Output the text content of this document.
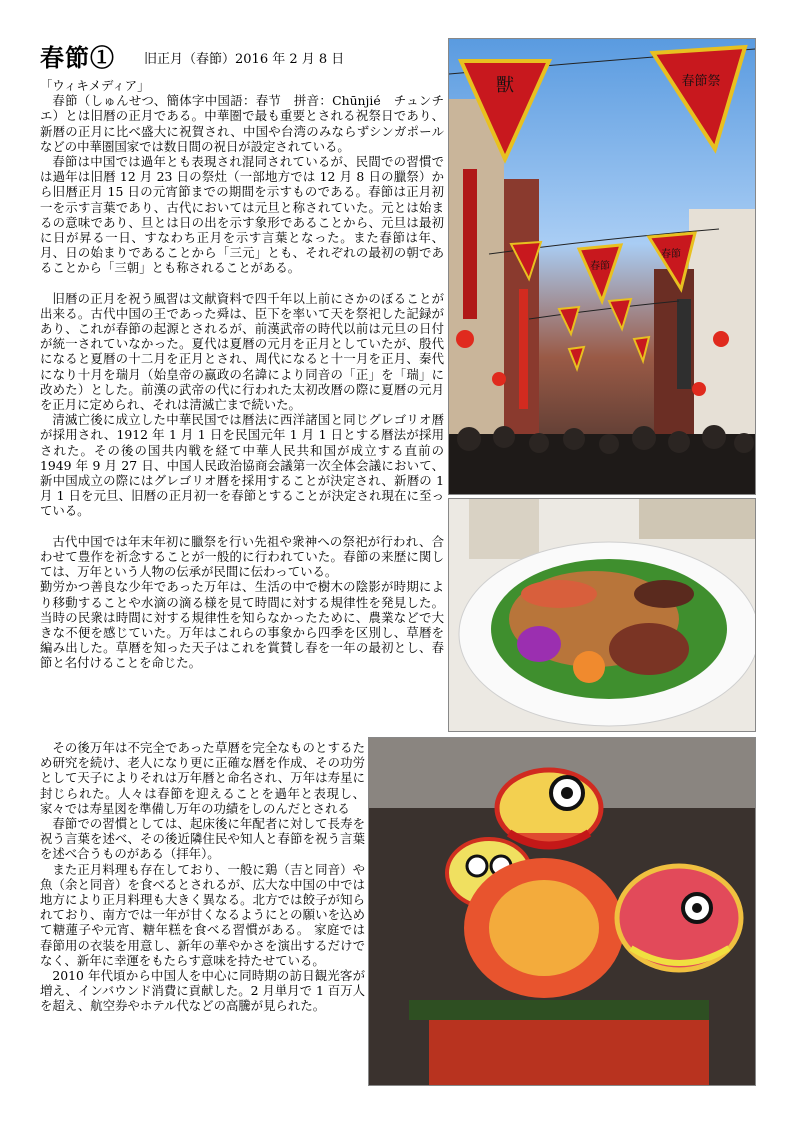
春節① 旧正月（春節）2016 年 2 月 8 日

「ウィキメディア」

春節（しゅんせつ、簡体字中国語：春节　拼音：Chūnjié　チュンチエ）とは旧暦の正月である。中華圏で最も重要とされる祝祭日であり、新暦の正月に比べ盛大に祝賀され、中国や台湾のみならずシンガポールなどの中華圏国家では数日間の祝日が設定されている。

春節は中国では過年とも表現され混同されているが、民間での習慣では過年は旧暦 12 月 23 日の祭灶（一部地方では 12 月 8 日の臘祭）から旧暦正月 15 日の元宵節までの期間を示すものである。春節は正月初一を示す言葉であり、古代においては元旦と称されていた。元とは始まるの意味であり、旦とは日の出を示す象形であることから、元旦は最初に日が昇る一日、すなわち正月を示す言葉となった。また春節は年、月、日の始まりであることから「三元」とも、それぞれの最初の朝であることから「三朝」とも称されることがある。

旧暦の正月を祝う風習は文献資料で四千年以上前にさかのぼることが出来る。古代中国の王であった舜は、臣下を率いて天を祭祀した記録があり、これが春節の起源とされるが、前漢武帝の時代以前は元旦の日付が統一されていなかった。夏代は夏暦の元月を正月としていたが、殷代になると夏暦の十二月を正月とされ、周代になると十一月を正月、秦代になり十月を瑞月（始皇帝の嬴政の名諱により同音の「正」を「瑞」に改めた）とした。前漢の武帝の代に行われた太初改暦の際に夏暦の元月を正月に定められ、それは清滅亡まで続いた。

清滅亡後に成立した中華民国では暦法に西洋諸国と同じグレゴリオ暦が採用され、1912 年 1 月 1 日を民国元年 1 月 1 日とする暦法が採用された。その後の国共内戦を経て中華人民共和国が成立する直前の 1949 年 9 月 27 日、中国人民政治協商会議第一次全体会議において、新中国成立の際にはグレゴリオ暦を採用することが決定され、新暦の 1 月 1 日を元旦、旧暦の正月初一を春節とすることが決定され現在に至っている。

古代中国では年末年初に臘祭を行い先祖や衆神への祭祀が行われ、合わせて豊作を祈念することが一般的に行われていた。春節の来歴に関しては、万年という人物の伝承が民間に伝わっている。

勤労かつ善良な少年であった万年は、生活の中で樹木の陰影が時期により移動することや水滴の滴る様を見て時間に対する規律性を発見した。当時の民衆は時間に対する規律性を知らなかったために、農業などで大きな不便を感じていた。万年はこれらの事象から四季を区別し、草暦を編み出した。草暦を知った天子はこれを賞賛し春を一年の最初とし、春節と名付けることを命じた。

その後万年は不完全であった草暦を完全なものとするため研究を続け、老人になり更に正確な暦を作成、その功労として天子によりそれは万年暦と命名され、万年は寿星に封じられた。人々は春節を迎えることを過年と表現し、家々では寿星図を準備し万年の功績をしのんだとされる

春節での習慣としては、起床後に年配者に対して長寿を祝う言葉を述べ、その後近隣住民や知人と春節を祝う言葉を述べ合うものがある（拝年）。

また正月料理も存在しており、一般に鶏（吉と同音）や魚（余と同音）を食べるとされるが、広大な中国の中では地方により正月料理も大きく異なる。北方では餃子が知られており、南方では一年が甘くなるようにとの願いを込めて糖蓮子や元宵、糖年糕を食べる習慣がある。 家庭では春節用の衣装を用意し、新年の華やかさを演出するだけでなく、新年に幸運をもたらす意味を持たせている。

2010 年代頃から中国人を中心に同時期の訪日観光客が増え、インバウンド消費に貢献した。2 月単月で 1 百万人を超え、航空券やホテル代などの高騰が見られた。

獸	春節祭
春節
春節
